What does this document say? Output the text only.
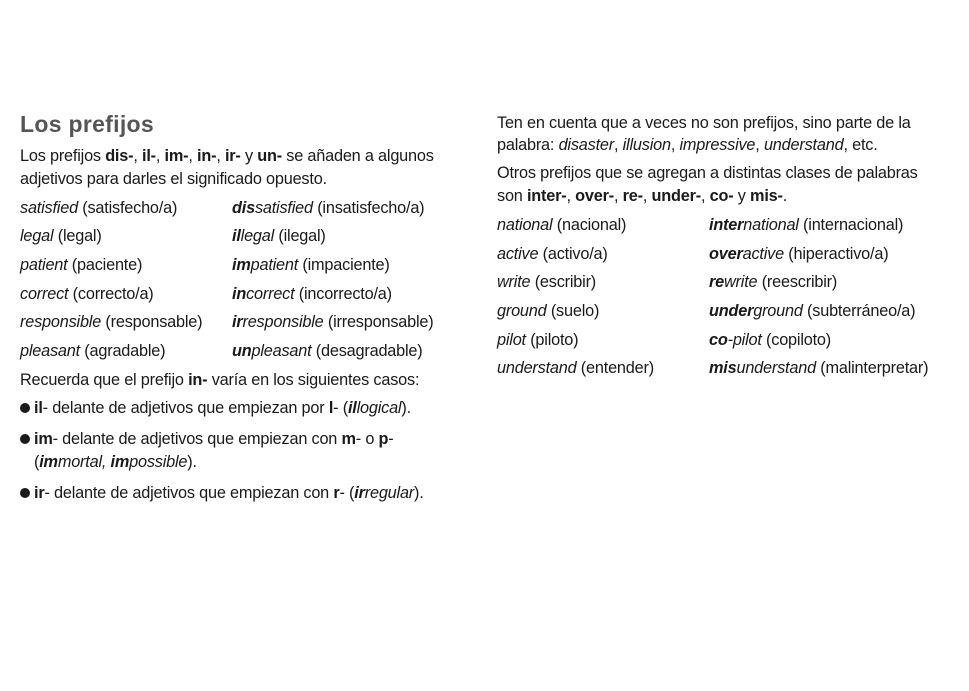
Los prefijos
Los prefijos dis-, il-, im-, in-, ir- y un- se añaden a algunos
adjetivos para darles el significado opuesto.
satisfied (satisfecho/a)	dissatisfied (insatisfecho/a)
legal (legal)	illegal (ilegal)
patient (paciente)	impatient (impaciente)
correct (correcto/a)	incorrect (incorrecto/a)
responsible (responsable) irresponsible (irresponsable)
pleasant (agradable)	unpleasant (desagradable)
Recuerda que el prefijo in- varía en los siguientes casos:
il- delante de adjetivos que empiezan por l- (illogical).
im- delante de adjetivos que empiezan con m- o p-
(immortal, impossible).
ir- delante de adjetivos que empiezan con r- (irregular).
Ten en cuenta que a veces no son prefijos, sino parte de la
palabra: disaster, illusion, impressive, understand, etc.
Otros prefijos que se agregan a distintas clases de palabras
son inter-, over-, re-, under-, co- y mis-.
national (nacional)	international (internacional)
active (activo/a)	overactive (hiperactivo/a)
write (escribir)	rewrite (reescribir)
ground (suelo)	underground (subterráneo/a)
pilot (piloto)	co-pilot (copiloto)
understand (entender)	misunderstand (malinterpretar)
